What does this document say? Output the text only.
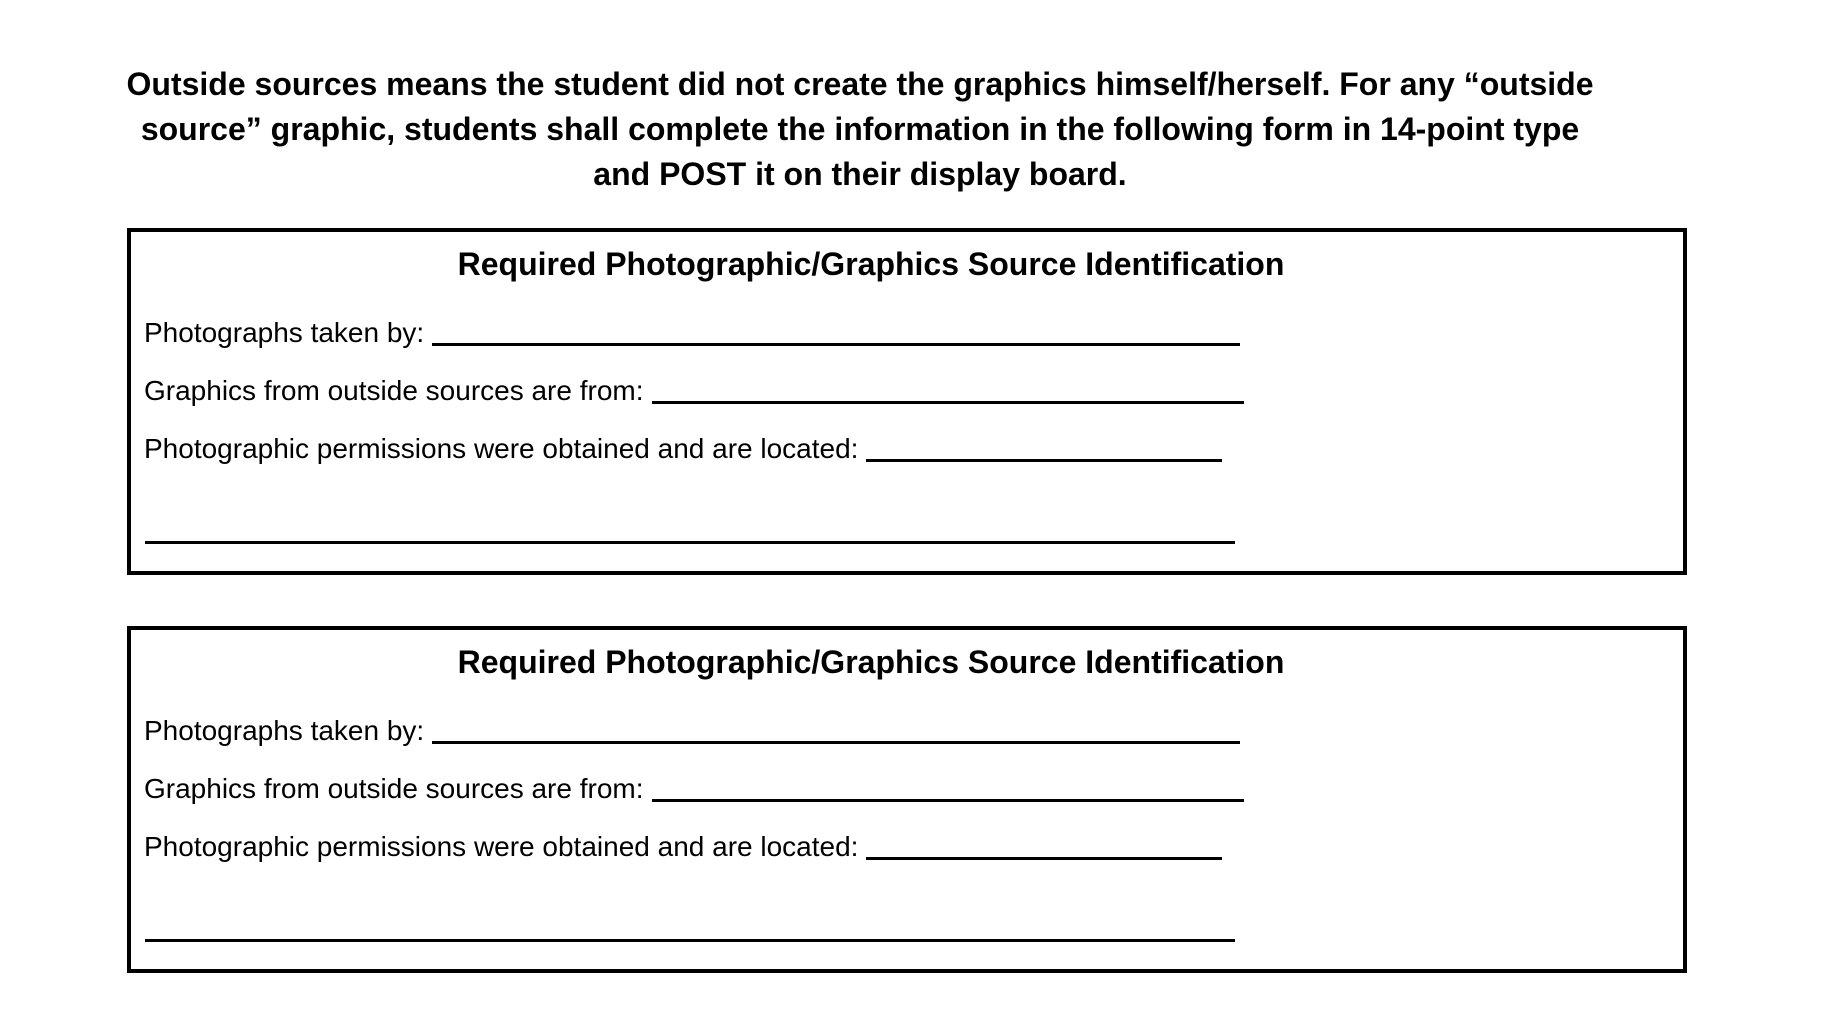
Outside sources means the student did not create the graphics himself/herself. For any “outside source” graphic, students shall complete the information in the following form in 14-point type and POST it on their display board.

Required Photographic/Graphics Source Identification
Photographs taken by:
Graphics from outside sources are from:
Photographic permissions were obtained and are located:
Required Photographic/Graphics Source Identification
Photographs taken by:
Graphics from outside sources are from:
Photographic permissions were obtained and are located:
